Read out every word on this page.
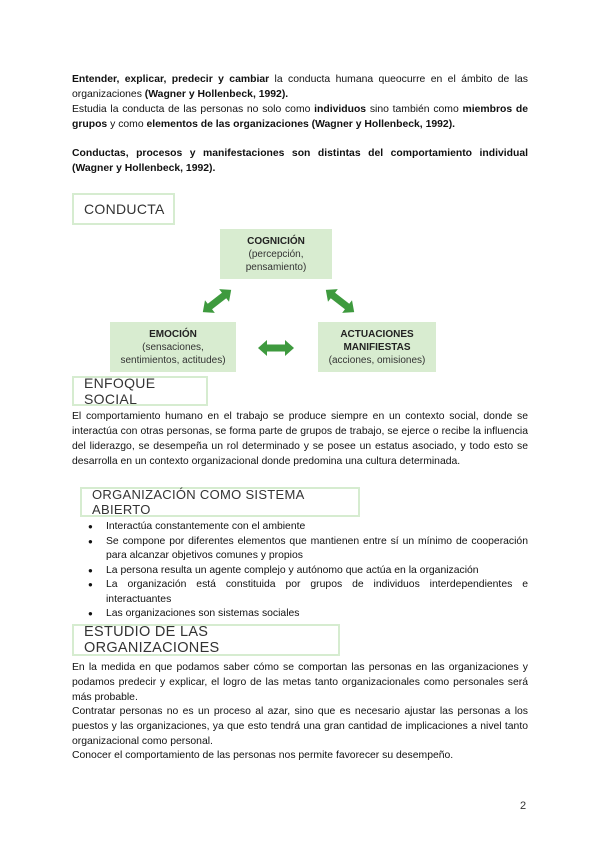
Entender, explicar, predecir y cambiar la conducta humana queocurre en el ámbito de las organizaciones (Wagner y Hollenbeck, 1992).

Estudia la conducta de las personas no solo como individuos sino también como miembros de grupos y como elementos de las organizaciones (Wagner y Hollenbeck, 1992).

Conductas, procesos y manifestaciones son distintas del comportamiento individual (Wagner y Hollenbeck, 1992).

CONDUCTA
COGNICIÓN
(percepción,
pensamiento)
EMOCIÓN
(sensaciones,
sentimientos, actitudes)
ACTUACIONES
MANIFIESTAS
(acciones, omisiones)
ENFOQUE SOCIAL

El comportamiento humano en el trabajo se produce siempre en un contexto social, donde se interactúa con otras personas, se forma parte de grupos de trabajo, se ejerce o recibe la influencia del liderazgo, se desempeña un rol determinado y se posee un estatus asociado, y todo esto se desarrolla en un contexto organizacional donde predomina una cultura determinada.

ORGANIZACIÓN COMO SISTEMA ABIERTO
● Interactúa constantemente con el ambiente
● Se compone por diferentes elementos que mantienen entre sí un mínimo de cooperación para alcanzar objetivos comunes y propios
● La persona resulta un agente complejo y autónomo que actúa en la organización
● La organización está constituida por grupos de individuos interdependientes e interactuantes
● Las organizaciones son sistemas sociales
ESTUDIO DE LAS ORGANIZACIONES

En la medida en que podamos saber cómo se comportan las personas en las organizaciones y podamos predecir y explicar, el logro de las metas tanto organizacionales como personales será más probable.

Contratar personas no es un proceso al azar, sino que es necesario ajustar las personas a los puestos y las organizaciones, ya que esto tendrá una gran cantidad de implicaciones a nivel tanto organizacional como personal.

Conocer el comportamiento de las personas nos permite favorecer su desempeño.

2
